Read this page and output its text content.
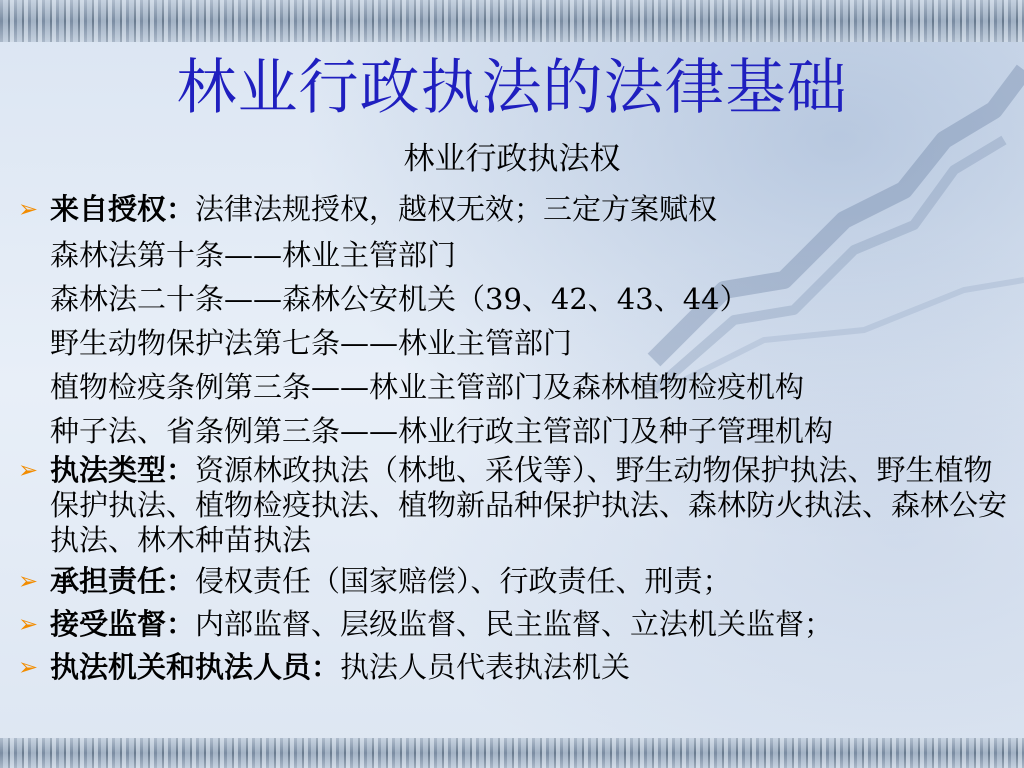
林业行政执法的法律基础
林业行政执法权
➢ 来自授权：法律法规授权，越权无效；三定方案赋权
森林法第十条——林业主管部门
森林法二十条——森林公安机关（39、42、43、44）
野生动物保护法第七条——林业主管部门
植物检疫条例第三条——林业主管部门及森林植物检疫机构
种子法、省条例第三条——林业行政主管部门及种子管理机构
➢ 执法类型：资源林政执法（林地、采伐等）、野生动物保护执法、野生植物保护执法、植物检疫执法、植物新品种保护执法、森林防火执法、森林公安执法、林木种苗执法
➢ 承担责任：侵权责任（国家赔偿）、行政责任、刑责；
➢ 接受监督：内部监督、层级监督、民主监督、立法机关监督；
➢ 执法机关和执法人员：执法人员代表执法机关
